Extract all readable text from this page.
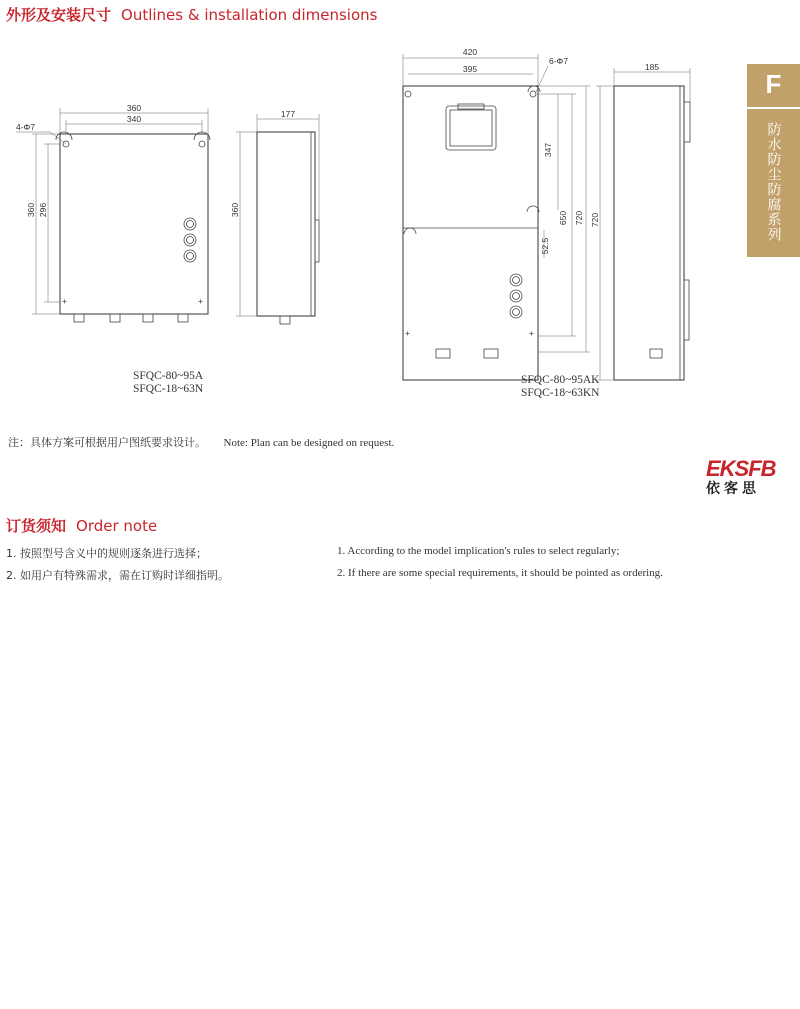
外形及安装尺寸 Outlines & installation dimensions
F
防水防尘防腐系列
360
340
4-Φ7
360 296
+	+
177
360
420
395
6-Φ7
347
650 720
52.5
+	+
185
720
SFQC-80~95A
SFQC-18~63N
SFQC-80~95AK
SFQC-18~63KN
注：具体方案可根据用户图纸要求设计。 Note: Plan can be designed on request.
EKSFB
依客思
订货须知 Order note
1. 按照型号含义中的规则逐条进行选择；
2. 如用户有特殊需求，需在订购时详细指明。
1. According to the model implication's rules to select regularly;
2. If there are some special requirements, it should be pointed as ordering.
